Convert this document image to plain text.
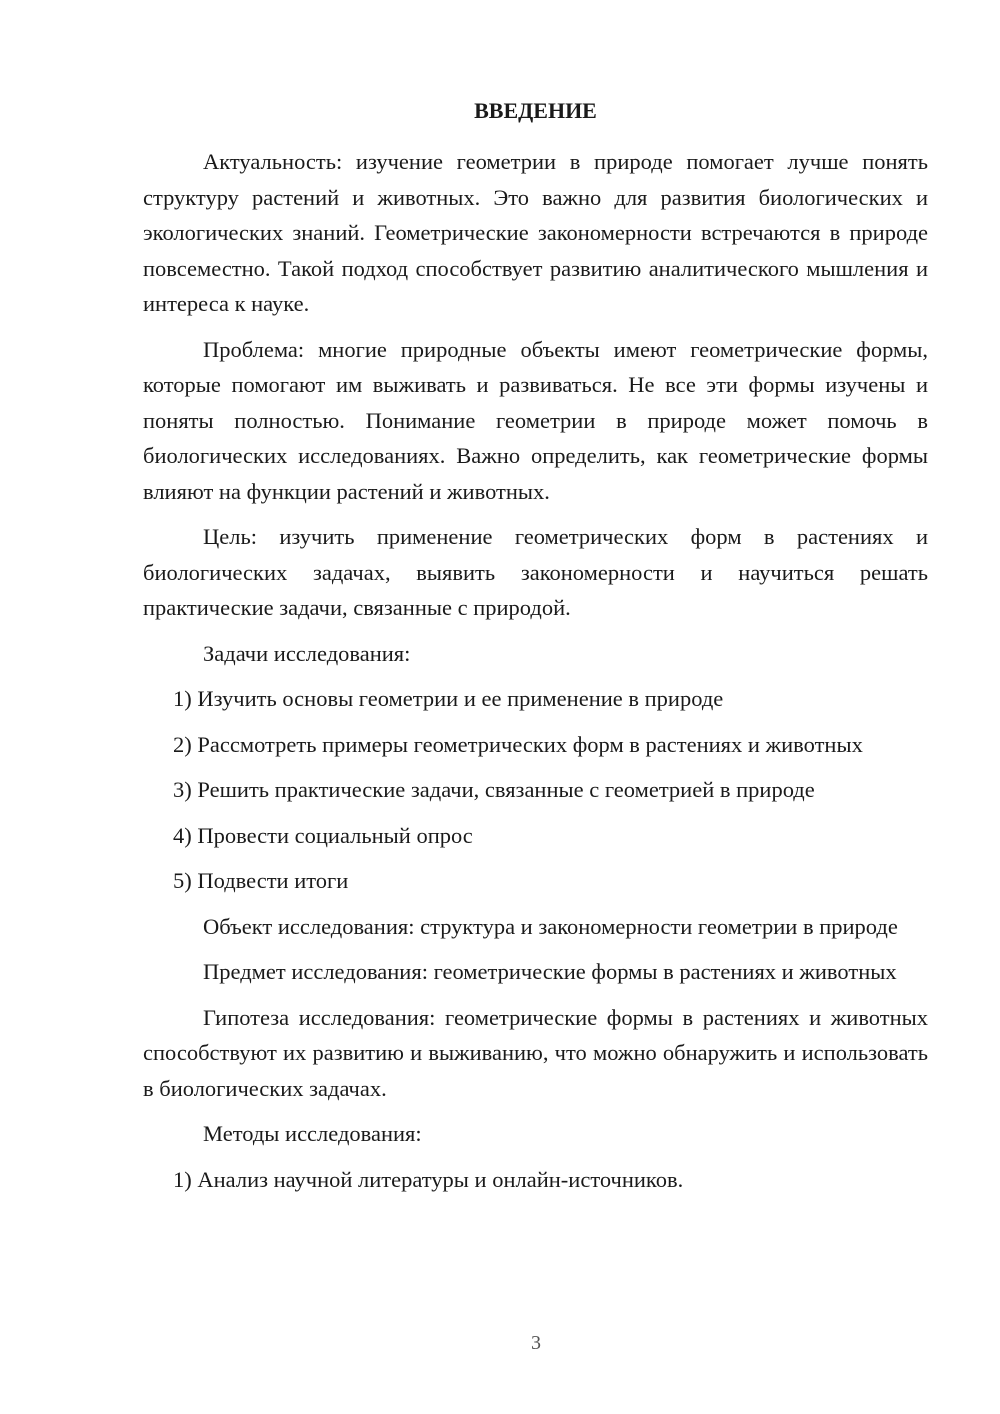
ВВЕДЕНИЕ

Актуальность: изучение геометрии в природе помогает лучше понять структуру растений и животных. Это важно для развития биологических и экологических знаний. Геометрические закономерности встречаются в природе повсеместно. Такой подход способствует развитию аналитического мышления и интереса к науке.

Проблема: многие природные объекты имеют геометрические формы, которые помогают им выживать и развиваться. Не все эти формы изучены и поняты полностью. Понимание геометрии в природе может помочь в биологических исследованиях. Важно определить, как геометрические формы влияют на функции растений и животных.

Цель: изучить применение геометрических форм в растениях и биологических задачах, выявить закономерности и научиться решать практические задачи, связанные с природой.

Задачи исследования:

1) Изучить основы геометрии и ее применение в природе

2) Рассмотреть примеры геометрических форм в растениях и животных

3) Решить практические задачи, связанные с геометрией в природе

4) Провести социальный опрос

5) Подвести итоги

Объект исследования: структура и закономерности геометрии в природе

Предмет исследования: геометрические формы в растениях и животных

Гипотеза исследования: геометрические формы в растениях и животных способствуют их развитию и выживанию, что можно обнаружить и использовать в биологических задачах.

Методы исследования:

1) Анализ научной литературы и онлайн-источников.

3
